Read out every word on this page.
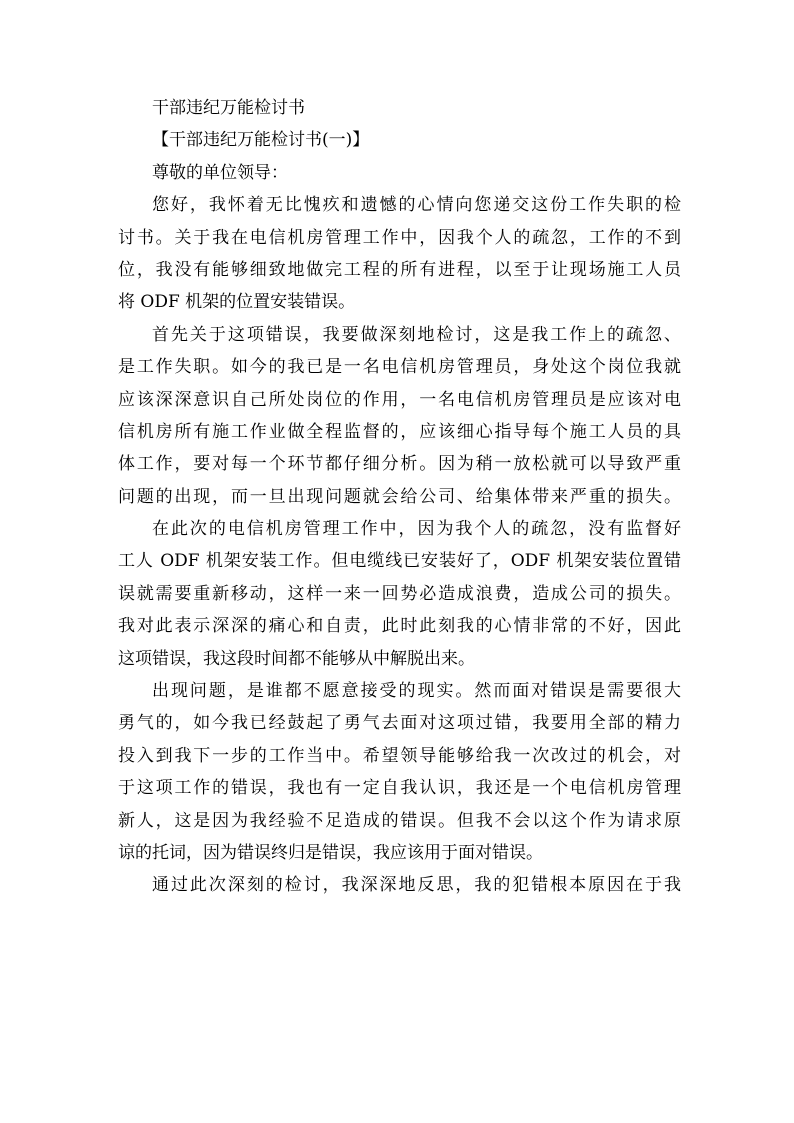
干部违纪万能检讨书
【干部违纪万能检讨书(一)】
尊敬的单位领导：
您好，我怀着无比愧疚和遗憾的心情向您递交这份工作失职的检
讨书。关于我在电信机房管理工作中，因我个人的疏忽，工作的不到
位，我没有能够细致地做完工程的所有进程，以至于让现场施工人员
将 ODF 机架的位置安装错误。
首先关于这项错误，我要做深刻地检讨，这是我工作上的疏忽、
是工作失职。如今的我已是一名电信机房管理员，身处这个岗位我就
应该深深意识自己所处岗位的作用，一名电信机房管理员是应该对电
信机房所有施工作业做全程监督的，应该细心指导每个施工人员的具
体工作，要对每一个环节都仔细分析。因为稍一放松就可以导致严重
问题的出现，而一旦出现问题就会给公司、给集体带来严重的损失。
在此次的电信机房管理工作中，因为我个人的疏忽，没有监督好
工人 ODF 机架安装工作。但电缆线已安装好了，ODF 机架安装位置错
误就需要重新移动，这样一来一回势必造成浪费，造成公司的损失。
我对此表示深深的痛心和自责，此时此刻我的心情非常的不好，因此
这项错误，我这段时间都不能够从中解脱出来。
出现问题，是谁都不愿意接受的现实。然而面对错误是需要很大
勇气的，如今我已经鼓起了勇气去面对这项过错，我要用全部的精力
投入到我下一步的工作当中。希望领导能够给我一次改过的机会，对
于这项工作的错误，我也有一定自我认识，我还是一个电信机房管理
新人，这是因为我经验不足造成的错误。但我不会以这个作为请求原
谅的托词，因为错误终归是错误，我应该用于面对错误。
通过此次深刻的检讨，我深深地反思，我的犯错根本原因在于我
